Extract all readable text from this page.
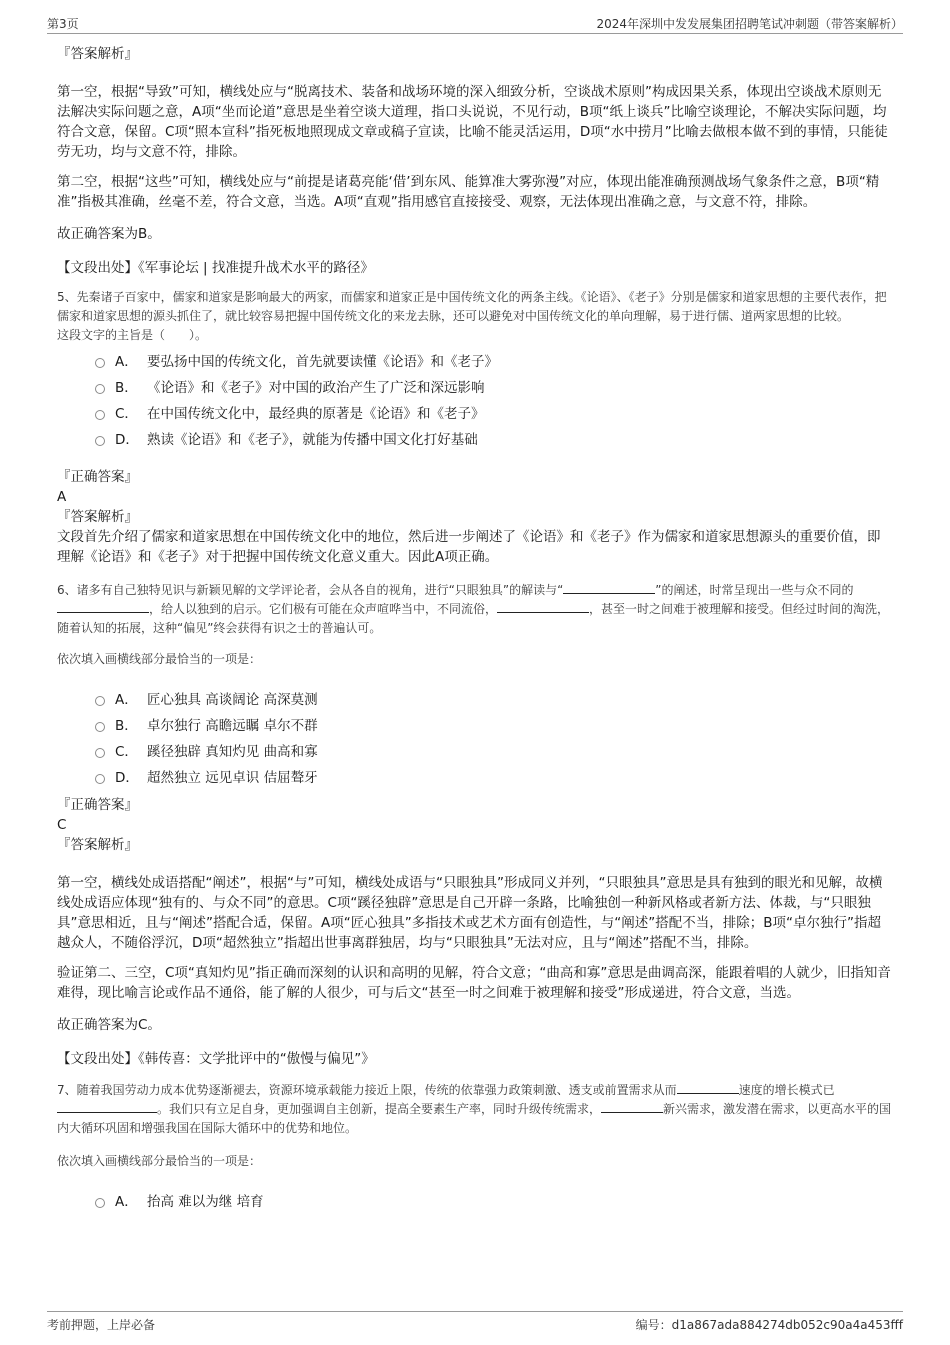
第3页	2024年深圳中发发展集团招聘笔试冲刺题（带答案解析）
『答案解析』
第一空，根据“导致”可知，横线处应与“脱离技术、装备和战场环境的深入细致分析，空谈战术原则”构成因果关系，体现出空谈战术原则无法解决实际问题之意，A项“坐而论道”意思是坐着空谈大道理，指口头说说，不见行动，B项“纸上谈兵”比喻空谈理论，不解决实际问题，均符合文意，保留。C项“照本宣科”指死板地照现成文章或稿子宣读，比喻不能灵活运用，D项“水中捞月”比喻去做根本做不到的事情，只能徒劳无功，均与文意不符，排除。
第二空，根据“这些”可知，横线处应与“前提是诸葛亮能‘借’到东风、能算准大雾弥漫”对应，体现出能准确预测战场气象条件之意，B项“精准”指极其准确，丝毫不差，符合文意，当选。A项“直观”指用感官直接接受、观察，无法体现出准确之意，与文意不符，排除。
故正确答案为B。
【文段出处】《军事论坛 | 找准提升战术水平的路径》
5、先秦诸子百家中，儒家和道家是影响最大的两家，而儒家和道家正是中国传统文化的两条主线。《论语》、《老子》分别是儒家和道家思想的主要代表作，把儒家和道家思想的源头抓住了，就比较容易把握中国传统文化的来龙去脉，还可以避免对中国传统文化的单向理解，易于进行儒、道两家思想的比较。
这段文字的主旨是（　　）。
A． 要弘扬中国的传统文化，首先就要读懂《论语》和《老子》
B． 《论语》和《老子》对中国的政治产生了广泛和深远影响
C． 在中国传统文化中，最经典的原著是《论语》和《老子》
D． 熟读《论语》和《老子》，就能为传播中国文化打好基础
『正确答案』
A
『答案解析』
文段首先介绍了儒家和道家思想在中国传统文化中的地位，然后进一步阐述了《论语》和《老子》作为儒家和道家思想源头的重要价值，即理解《论语》和《老子》对于把握中国传统文化意义重大。因此A项正确。
6、诸多有自己独特见识与新颖见解的文学评论者，会从各自的视角，进行“只眼独具”的解读与“	”的阐述，时常呈现出一些与众不同的，给人以独到的启示。它们极有可能在众声喧哗当中，不同流俗，	，甚至一时之间难于被理解和接受。但经过时间的淘洗，随着认知的拓展，这种“偏见”终会获得有识之士的普遍认可。
依次填入画横线部分最恰当的一项是：
A． 匠心独具 高谈阔论 高深莫测
B． 卓尔独行 高瞻远瞩 卓尔不群
C． 蹊径独辟 真知灼见 曲高和寡
D． 超然独立 远见卓识 佶屈聱牙
『正确答案』
C
『答案解析』
第一空，横线处成语搭配“阐述”，根据“与”可知，横线处成语与“只眼独具”形成同义并列，“只眼独具”意思是具有独到的眼光和见解，故横线处成语应体现“独有的、与众不同”的意思。C项“蹊径独辟”意思是自己开辟一条路，比喻独创一种新风格或者新方法、体裁，与“只眼独具”意思相近，且与“阐述”搭配合适，保留。A项“匠心独具”多指技术或艺术方面有创造性，与“阐述”搭配不当，排除；B项“卓尔独行”指超越众人，不随俗浮沉，D项“超然独立”指超出世事离群独居，均与“只眼独具”无法对应，且与“阐述”搭配不当，排除。
验证第二、三空，C项“真知灼见”指正确而深刻的认识和高明的见解，符合文意；“曲高和寡”意思是曲调高深，能跟着唱的人就少，旧指知音难得，现比喻言论或作品不通俗，能了解的人很少，可与后文“甚至一时之间难于被理解和接受”形成递进，符合文意，当选。
故正确答案为C。
【文段出处】《韩传喜：文学批评中的“傲慢与偏见”》
7、随着我国劳动力成本优势逐渐褪去，资源环境承载能力接近上限，传统的依靠强力政策刺激、透支或前置需求从而	速度的增长模式已。我们只有立足自身，更加强调自主创新，提高全要素生产率，同时升级传统需求，	新兴需求，激发潜在需求，以更高水平的国内大循环巩固和增强我国在国际大循环中的优势和地位。
依次填入画横线部分最恰当的一项是：
A． 抬高 难以为继 培育
考前押题，上岸必备	编号：d1a867ada884274db052c90a4a453fff
